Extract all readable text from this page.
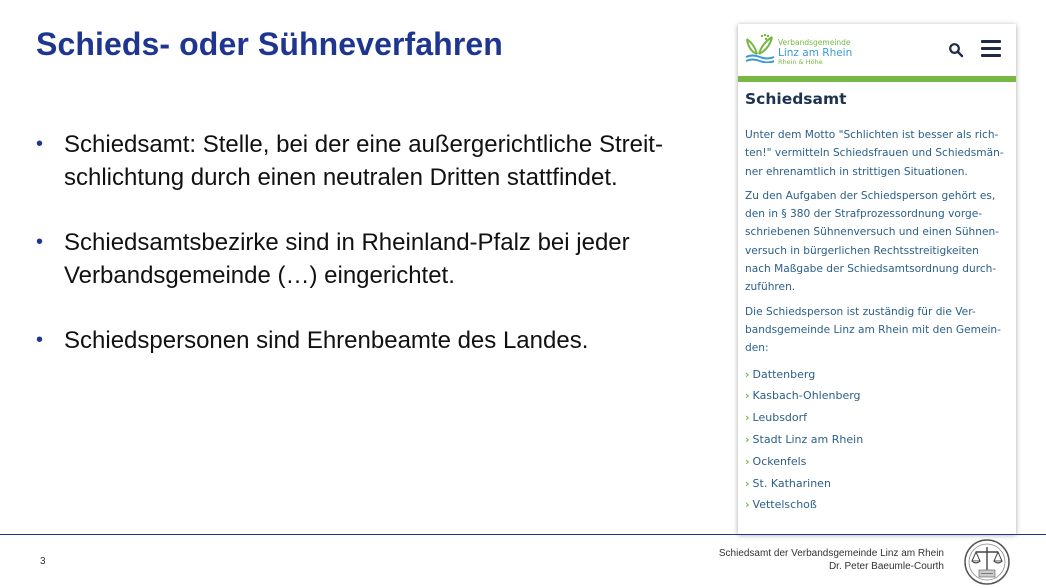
Schieds- oder Sühneverfahren
• Schiedsamt: Stelle, bei der eine außergerichtliche Streit-
schlichtung durch einen neutralen Dritten stattfindet.
• Schiedsamtsbezirke sind in Rheinland-Pfalz bei jeder
Verbandsgemeinde (…) eingerichtet.
• Schiedspersonen sind Ehrenbeamte des Landes.
Verbandsgemeinde
Linz am Rhein
Rhein & Höhe
Schiedsamt

Unter dem Motto "Schlichten ist besser als rich-
ten!" vermitteln Schiedsfrauen und Schiedsmän-
ner ehrenamtlich in strittigen Situationen.

Zu den Aufgaben der Schiedsperson gehört es,
den in § 380 der Strafprozessordnung vorge-
schriebenen Sühnenversuch und einen Sühnen-
versuch in bürgerlichen Rechtsstreitigkeiten
nach Maßgabe der Schiedsamtsordnung durch-
zuführen.

Die Schiedsperson ist zuständig für die Ver-
bandsgemeinde Linz am Rhein mit den Gemein-
den:

› Dattenberg
› Kasbach-Ohlenberg
› Leubsdorf
› Stadt Linz am Rhein
› Ockenfels
› St. Katharinen
› Vettelschoß
3
Schiedsamt der Verbandsgemeinde Linz am Rhein
Dr. Peter Baeumle-Courth
